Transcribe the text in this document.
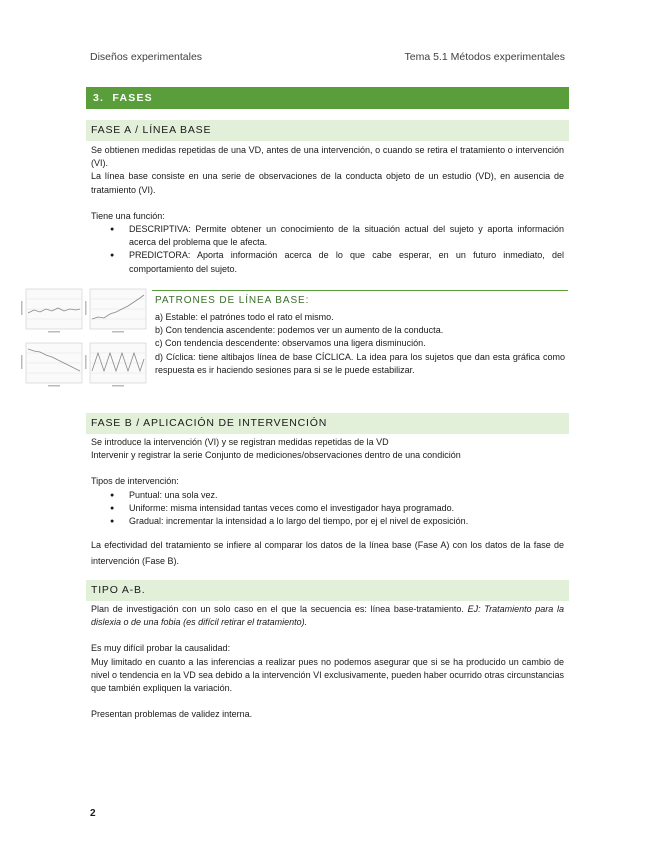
Diseños experimentales	Tema 5.1 Métodos experimentales
3. FASES
FASE A / LÍNEA BASE

Se obtienen medidas repetidas de una VD, antes de una intervención, o cuando se retira el tratamiento o intervención (VI).

La línea base consiste en una serie de observaciones de la conducta objeto de un estudio (VD), en ausencia de tratamiento (VI).

Tiene una función:

● DESCRIPTIVA: Permite obtener un conocimiento de la situación actual del sujeto y aporta información acerca del problema que le afecta.
● PREDICTORA: Aporta información acerca de lo que cabe esperar, en un futuro inmediato, del comportamiento del sujeto.
PATRONES DE LÍNEA BASE:

a) Estable: el patrónes todo el rato el mismo.

b) Con tendencia ascendente: podemos ver un aumento de la conducta.

c) Con tendencia descendente: observamos una ligera disminución.

d) Cíclica: tiene altibajos línea de base CÍCLICA. La idea para los sujetos que dan esta gráfica como respuesta es ir haciendo sesiones para si se le puede estabilizar.

FASE B / APLICACIÓN DE INTERVENCIÓN

Se introduce la intervención (VI) y se registran medidas repetidas de la VD

Intervenir y registrar la serie Conjunto de mediciones/observaciones dentro de una condición

Tipos de intervención:

● Puntual: una sola vez.
● Uniforme: misma intensidad tantas veces como el investigador haya programado.
● Gradual: incrementar la intensidad a lo largo del tiempo, por ej el nivel de exposición.

La efectividad del tratamiento se infiere al comparar los datos de la línea base (Fase A) con los datos de la fase de intervención (Fase B).

TIPO A-B.

Plan de investigación con un solo caso en el que la secuencia es: línea base-tratamiento. EJ: Tratamiento para la dislexia o de una fobia (es difícil retirar el tratamiento).

Es muy difícil probar la causalidad:

Muy limitado en cuanto a las inferencias a realizar pues no podemos asegurar que si se ha producido un cambio de nivel o tendencia en la VD sea debido a la intervención VI exclusivamente, pueden haber ocurrido otras circunstancias que también expliquen la variación.

Presentan problemas de validez interna.

2
